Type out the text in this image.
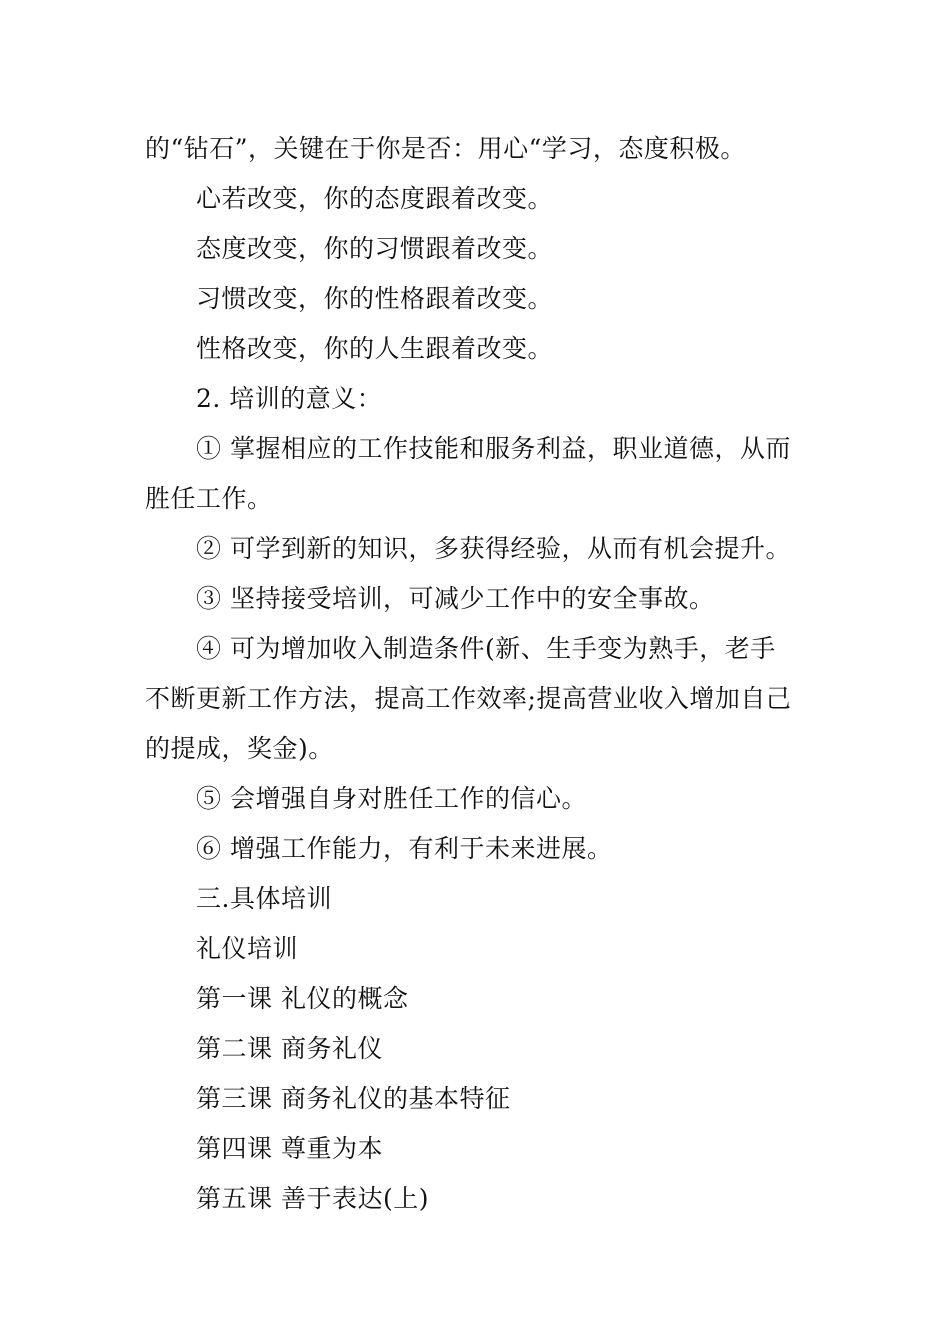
的“钻石”，关键在于你是否：用心“学习，态度积极。

心若改变，你的态度跟着改变。

态度改变，你的习惯跟着改变。

习惯改变，你的性格跟着改变。

性格改变，你的人生跟着改变。

2. 培训的意义：

① 掌握相应的工作技能和服务利益，职业道德，从而

胜任工作。

② 可学到新的知识，多获得经验，从而有机会提升。

③ 坚持接受培训，可减少工作中的安全事故。

④ 可为增加收入制造条件(新、生手变为熟手，老手

不断更新工作方法，提高工作效率;提高营业收入增加自己

的提成，奖金)。

⑤ 会增强自身对胜任工作的信心。

⑥ 增强工作能力，有利于未来进展。

三.具体培训

礼仪培训

第一课 礼仪的概念

第二课 商务礼仪

第三课 商务礼仪的基本特征

第四课 尊重为本

第五课 善于表达(上)
